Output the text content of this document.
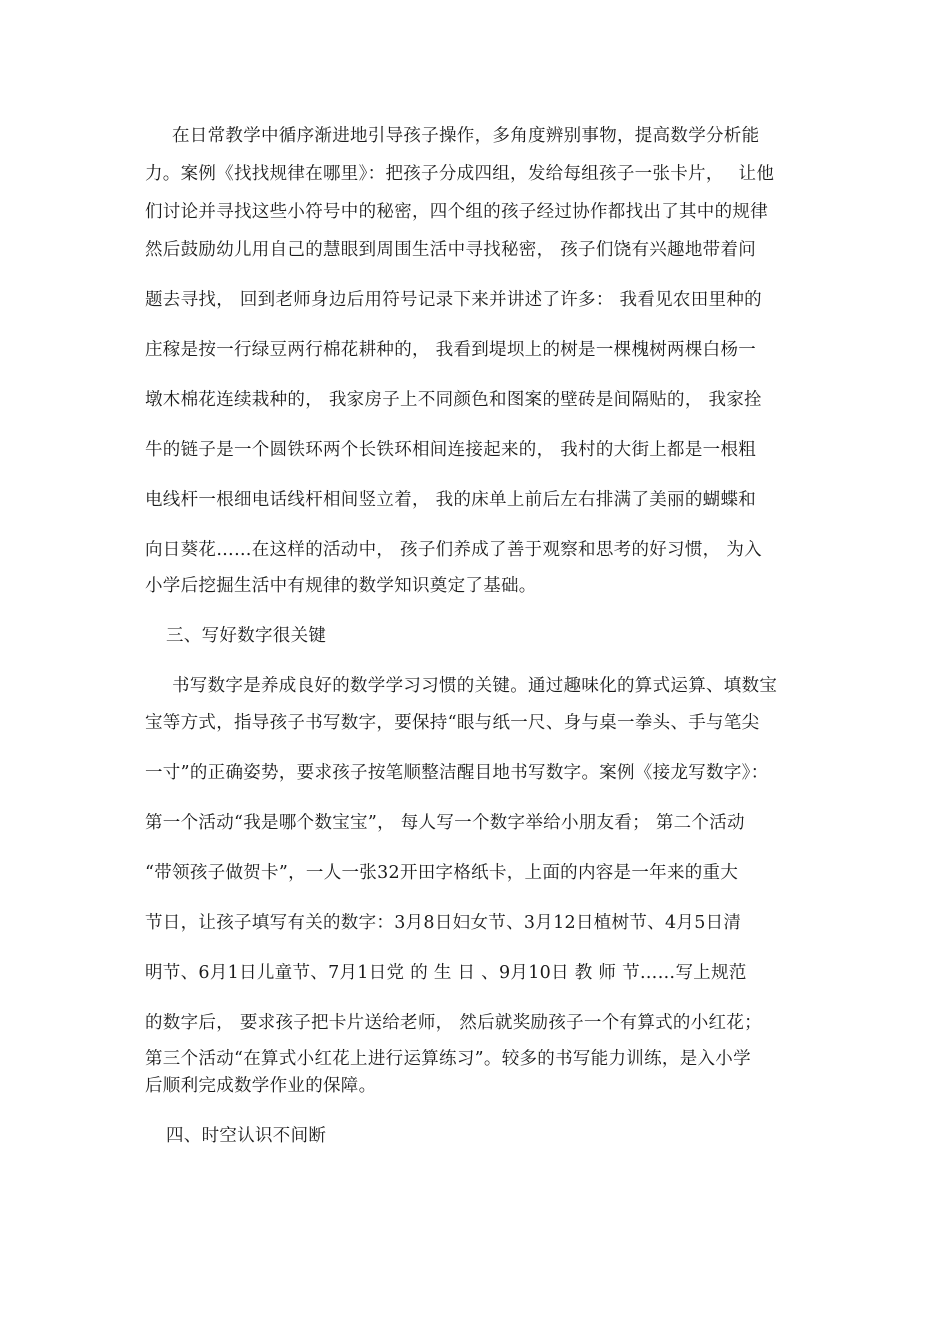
在日常教学中循序渐进地引导孩子操作，多角度辨别事物，提高数学分析能
力。案例《找找规律在哪里》：把孩子分成四组，发给每组孩子一张卡片，　 让他
们讨论并寻找这些小符号中的秘密，四个组的孩子经过协作都找出了其中的规律
然后鼓励幼儿用自己的慧眼到周围生活中寻找秘密， 孩子们饶有兴趣地带着问
题去寻找， 回到老师身边后用符号记录下来并讲述了许多： 我看见农田里种的
庄稼是按一行绿豆两行棉花耕种的， 我看到堤坝上的树是一棵槐树两棵白杨一
墩木棉花连续栽种的， 我家房子上不同颜色和图案的壁砖是间隔贴的， 我家拴
牛的链子是一个圆铁环两个长铁环相间连接起来的， 我村的大街上都是一根粗
电线杆一根细电话线杆相间竖立着， 我的床单上前后左右排满了美丽的蝴蝶和
向日葵花……在这样的活动中， 孩子们养成了善于观察和思考的好习惯， 为入
小学后挖掘生活中有规律的数学知识奠定了基础。
三、写好数字很关键
书写数字是养成良好的数学学习习惯的关键。通过趣味化的算式运算、填数宝
宝等方式，指导孩子书写数字，要保持“眼与纸一尺、身与桌一拳头、手与笔尖
一寸”的正确姿势，要求孩子按笔顺整洁醒目地书写数字。案例《接龙写数字》：
第一个活动“我是哪个数宝宝”， 每人写一个数字举给小朋友看； 第二个活动
“带领孩子做贺卡”，一人一张32开田字格纸卡，上面的内容是一年来的重大
节日，让孩子填写有关的数字：3月8日妇女节、3月12日植树节、4月5日清
明节、6月1日儿童节、7月1日党 的 生 日 、9月10日 教 师 节……写上规范
的数字后， 要求孩子把卡片送给老师， 然后就奖励孩子一个有算式的小红花；
第三个活动“在算式小红花上进行运算练习”。较多的书写能力训练，是入小学
后顺利完成数学作业的保障。
四、时空认识不间断
